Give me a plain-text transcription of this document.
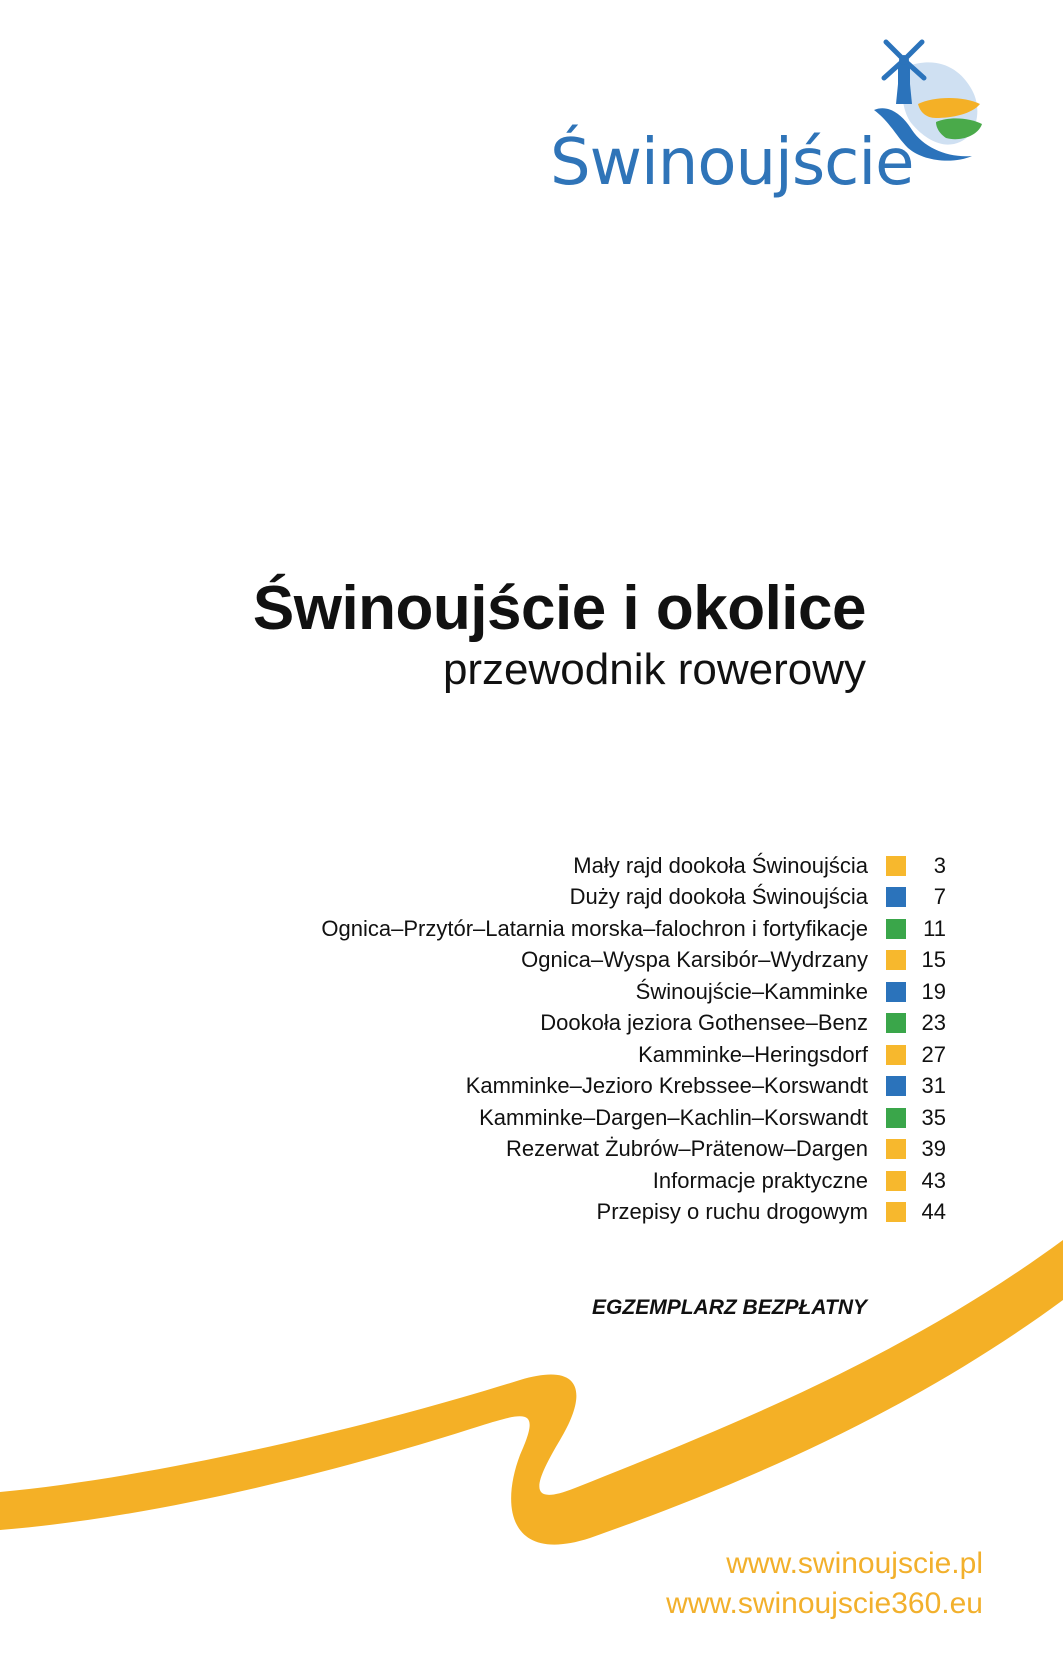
Świnoujście
Świnoujście i okolice
przewodnik rowerowy
Mały rajd dookoła Świnoujścia	3
Duży rajd dookoła Świnoujścia	7
Ognica–Przytór–Latarnia morska–falochron i fortyfikacje	11
Ognica–Wyspa Karsibór–Wydrzany 15
Świnoujście–Kamminke 19
Dookoła jeziora Gothensee–Benz 23
Kamminke–Heringsdorf 27
Kamminke–Jezioro Krebssee–Korswandt 31
Kamminke–Dargen–Kachlin–Korswandt 35
Rezerwat Żubrów–Prätenow–Dargen 39
Informacje praktyczne 43
Przepisy o ruchu drogowym 44
EGZEMPLARZ BEZPŁATNY
www.swinoujscie.pl
www.swinoujscie360.eu
